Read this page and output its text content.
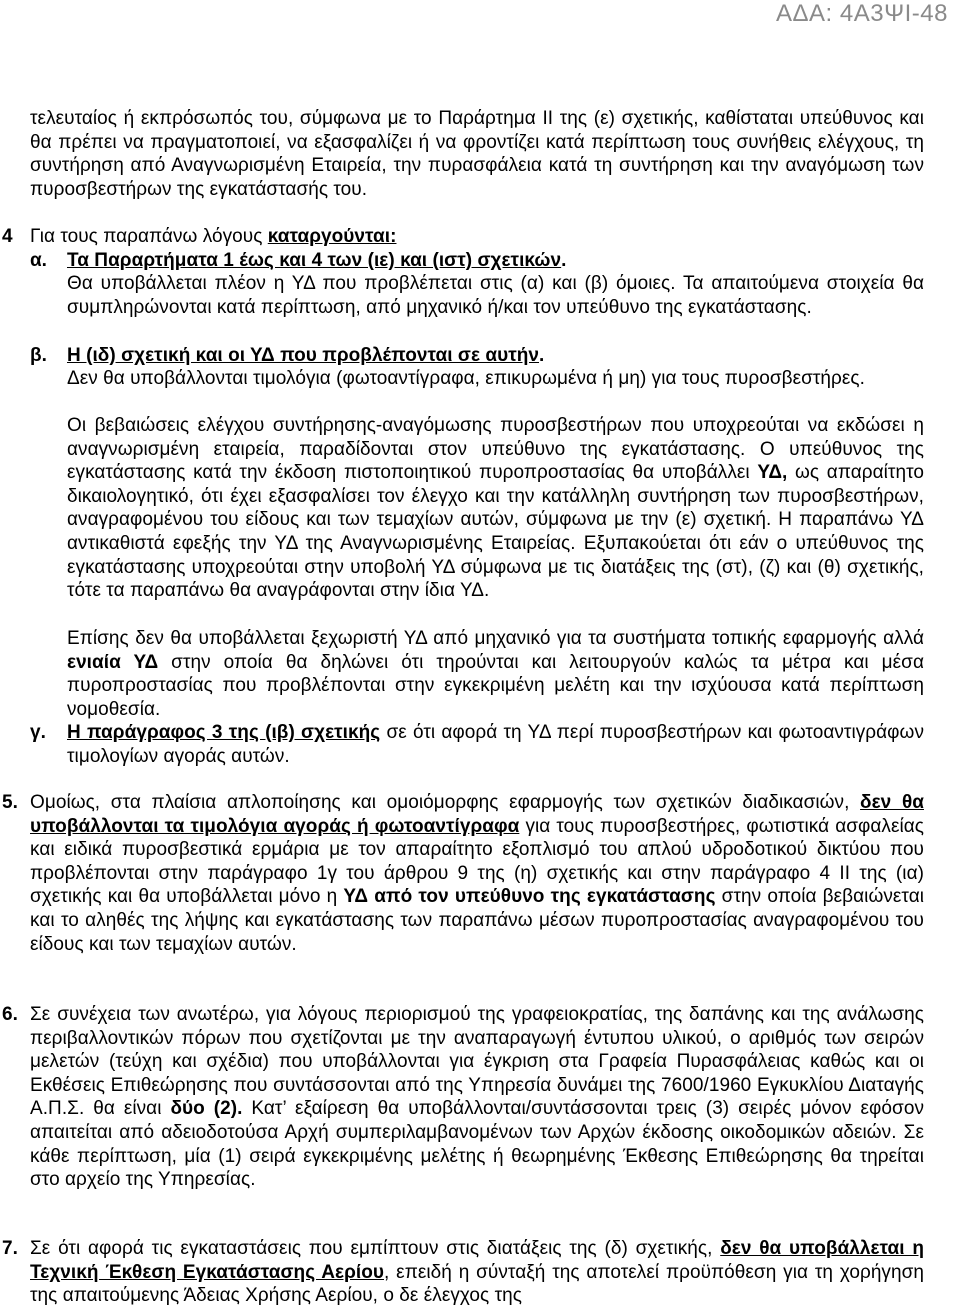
ΑΔΑ: 4Α3ΨΙ-48

τελευταίος ή εκπρόσωπός του, σύμφωνα με το Παράρτημα ΙΙ της (ε) σχετικής, καθίσταται υπεύθυνος και θα πρέπει να πραγματοποιεί, να εξασφαλίζει ή να φροντίζει κατά περίπτωση τους συνήθεις ελέγχους, τη συντήρηση από Αναγνωρισμένη Εταιρεία, την πυρασφάλεια κατά τη συντήρηση και την αναγόμωση των πυροσβεστήρων της εγκατάστασής του.

4 Για τους παραπάνω λόγους καταργούνται:

α. Τα Παραρτήματα 1 έως και 4 των (ιε) και (ιστ) σχετικών.

Θα υποβάλλεται πλέον η ΥΔ που προβλέπεται στις (α) και (β) όμοιες. Τα απαιτούμενα στοιχεία θα συμπληρώνονται κατά περίπτωση, από μηχανικό ή/και τον υπεύθυνο της εγκατάστασης.

β. Η (ιδ) σχετική και οι ΥΔ που προβλέπονται σε αυτήν.

Δεν θα υποβάλλονται τιμολόγια (φωτοαντίγραφα, επικυρωμένα ή μη) για τους πυροσβεστήρες.

Οι βεβαιώσεις ελέγχου συντήρησης-αναγόμωσης πυροσβεστήρων που υποχρεούται να εκδώσει η αναγνωρισμένη εταιρεία, παραδίδονται στον υπεύθυνο της εγκατάστασης. Ο υπεύθυνος της εγκατάστασης κατά την έκδοση πιστοποιητικού πυροπροστασίας θα υποβάλλει ΥΔ, ως απαραίτητο δικαιολογητικό, ότι έχει εξασφαλίσει τον έλεγχο και την κατάλληλη συντήρηση των πυροσβεστήρων, αναγραφομένου του είδους και των τεμαχίων αυτών, σύμφωνα με την (ε) σχετική. Η παραπάνω ΥΔ αντικαθιστά εφεξής την ΥΔ της Αναγνωρισμένης Εταιρείας. Εξυπακούεται ότι εάν ο υπεύθυνος της εγκατάστασης υποχρεούται στην υποβολή ΥΔ σύμφωνα με τις διατάξεις της (στ), (ζ) και (θ) σχετικής, τότε τα παραπάνω θα αναγράφονται στην ίδια ΥΔ.

Επίσης δεν θα υποβάλλεται ξεχωριστή ΥΔ από μηχανικό για τα συστήματα τοπικής εφαρμογής αλλά ενιαία ΥΔ στην οποία θα δηλώνει ότι τηρούνται και λειτουργούν καλώς τα μέτρα και μέσα πυροπροστασίας που προβλέπονται στην εγκεκριμένη μελέτη και την ισχύουσα κατά περίπτωση νομοθεσία.

γ. Η παράγραφος 3 της (ιβ) σχετικής σε ότι αφορά τη ΥΔ περί πυροσβεστήρων και φωτοαντιγράφων τιμολογίων αγοράς αυτών.

5. Ομοίως, στα πλαίσια απλοποίησης και ομοιόμορφης εφαρμογής των σχετικών διαδικασιών, δεν θα υποβάλλονται τα τιμολόγια αγοράς ή φωτοαντίγραφα για τους πυροσβεστήρες, φωτιστικά ασφαλείας και ειδικά πυροσβεστικά ερμάρια με τον απαραίτητο εξοπλισμό του απλού υδροδοτικού δικτύου που προβλέπονται στην παράγραφο 1γ του άρθρου 9 της (η) σχετικής και στην παράγραφο 4 ΙΙ της (ια) σχετικής και θα υποβάλλεται μόνο η ΥΔ από τον υπεύθυνο της εγκατάστασης στην οποία βεβαιώνεται και το αληθές της λήψης και εγκατάστασης των παραπάνω μέσων πυροπροστασίας αναγραφομένου του είδους και των τεμαχίων αυτών.

6. Σε συνέχεια των ανωτέρω, για λόγους περιορισμού της γραφειοκρατίας, της δαπάνης και της ανάλωσης περιβαλλοντικών πόρων που σχετίζονται με την αναπαραγωγή έντυπου υλικού, ο αριθμός των σειρών μελετών (τεύχη και σχέδια) που υποβάλλονται για έγκριση στα Γραφεία Πυρασφάλειας καθώς και οι Εκθέσεις Επιθεώρησης που συντάσσονται από της Υπηρεσία δυνάμει της 7600/1960 Εγκυκλίου Διαταγής Α.Π.Σ. θα είναι δύο (2). Κατ’ εξαίρεση θα υποβάλλονται/συντάσσονται τρεις (3) σειρές μόνον εφόσον απαιτείται από αδειοδοτούσα Αρχή συμπεριλαμβανομένων των Αρχών έκδοσης οικοδομικών αδειών. Σε κάθε περίπτωση, μία (1) σειρά εγκεκριμένης μελέτης ή θεωρημένης Έκθεσης Επιθεώρησης θα τηρείται στο αρχείο της Υπηρεσίας.

7. Σε ότι αφορά τις εγκαταστάσεις που εμπίπτουν στις διατάξεις της (δ) σχετικής, δεν θα υποβάλλεται η Τεχνική Έκθεση Εγκατάστασης Αερίου, επειδή η σύνταξή της αποτελεί προϋπόθεση για τη χορήγηση της απαιτούμενης Άδειας Χρήσης Αερίου, ο δε έλεγχος της
